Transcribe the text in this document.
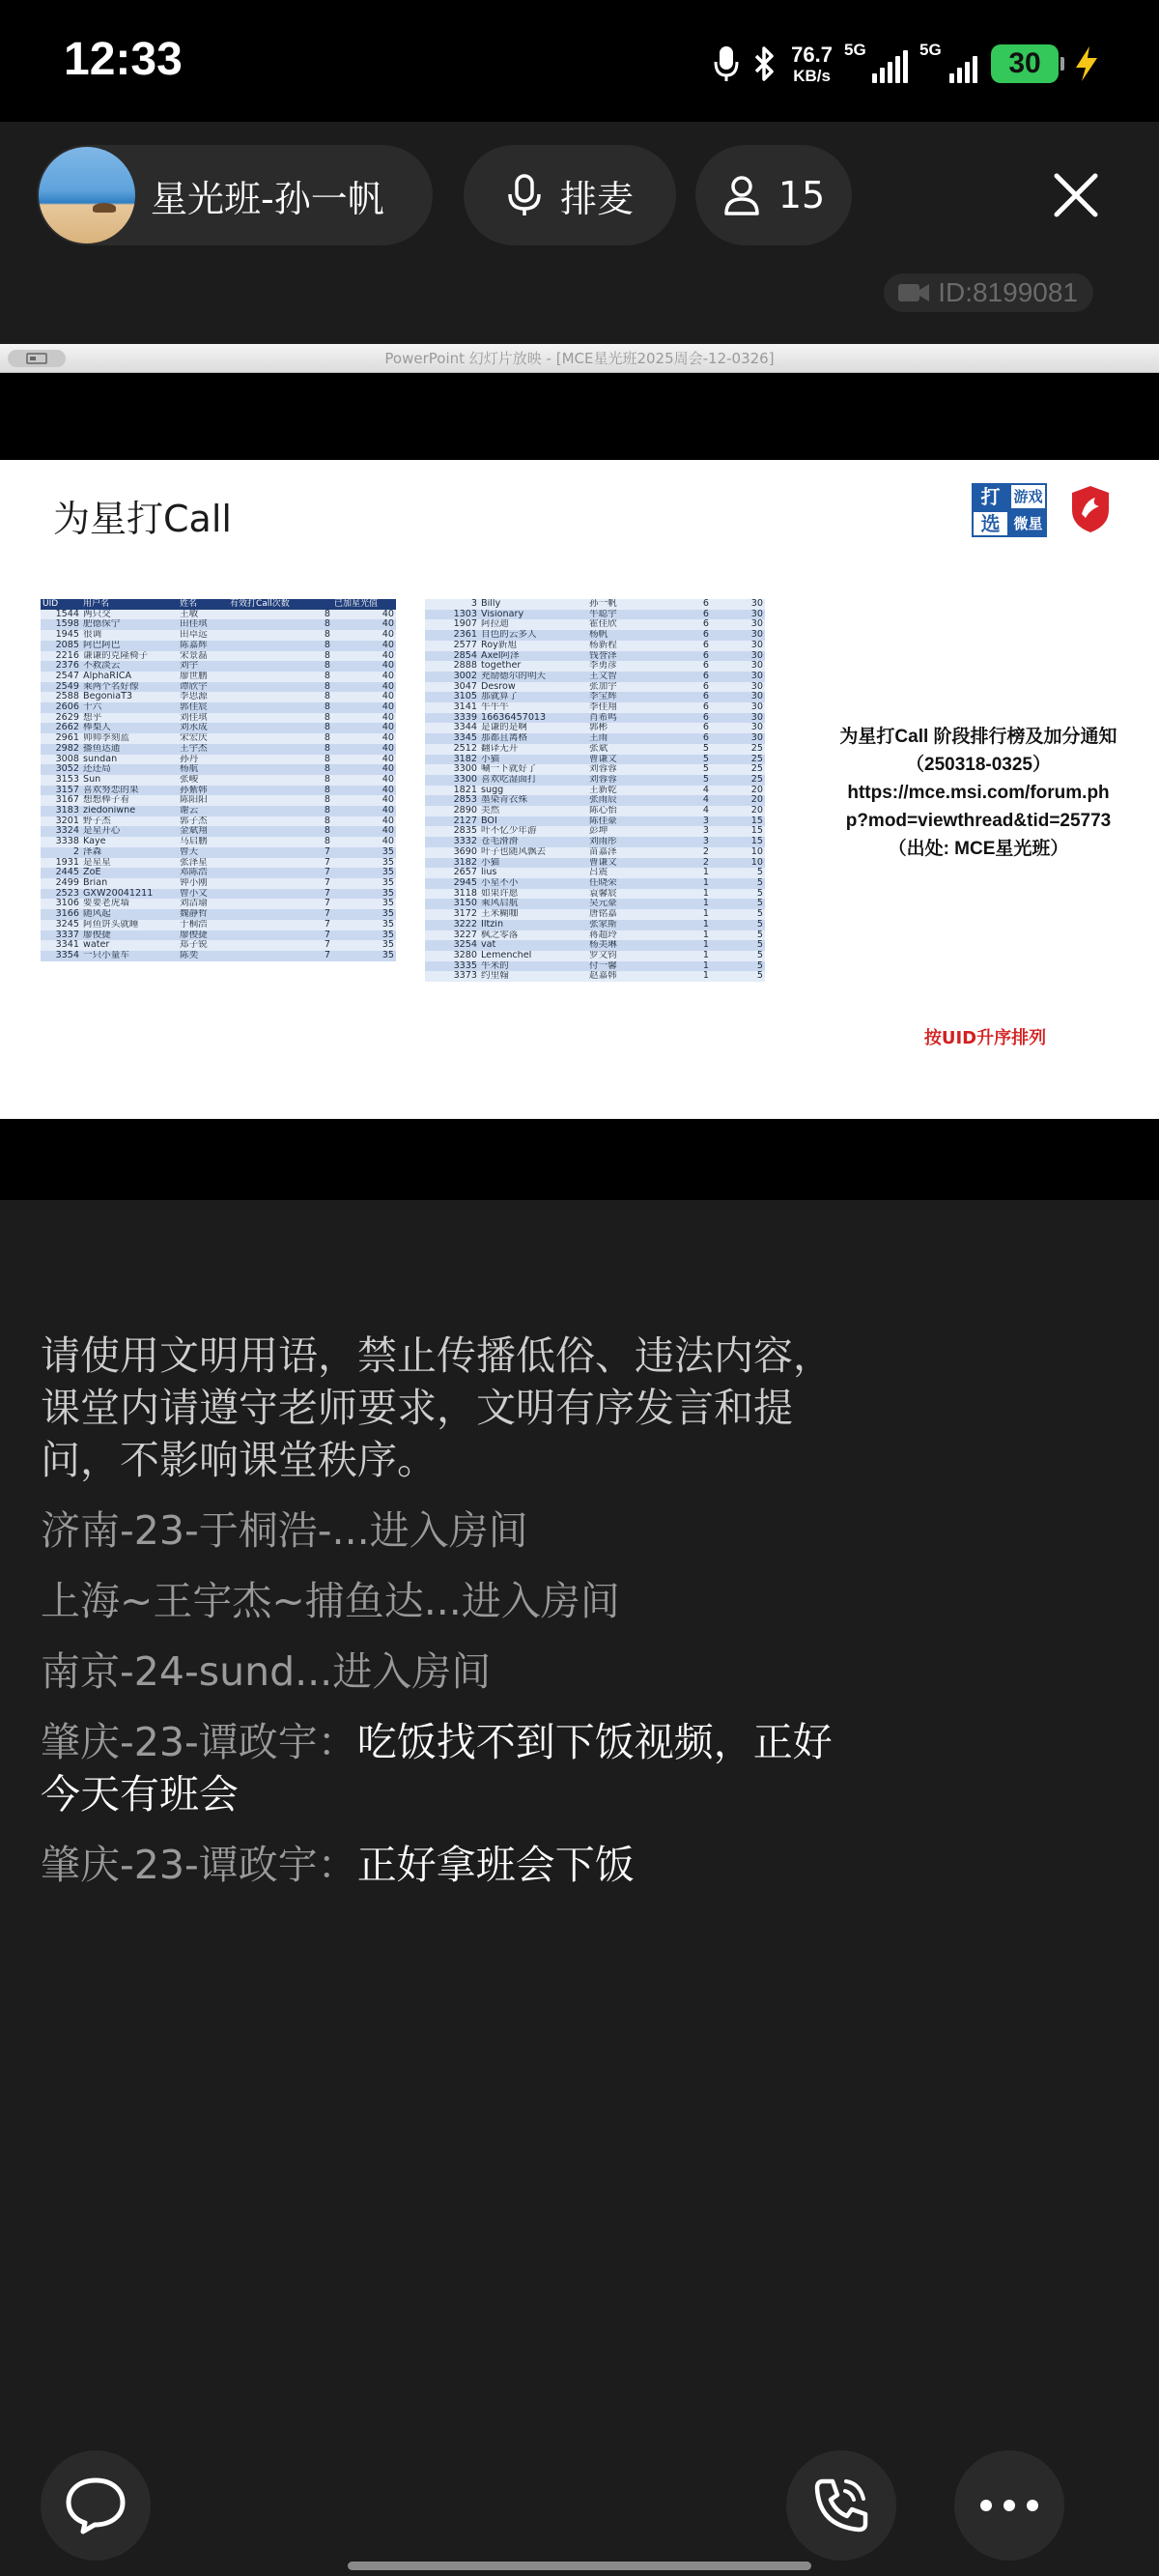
12:33	76.7
KB/s
5G	5G	30
星光班-孙一帆	排麦	15
ID:8199081
PowerPoint 幻灯片放映 - [MCE星光班2025周会-12-0326]
为星打Call
打 游戏
选 微星
UID	用户名	姓名	有效打Call次数	已加星光值
1544	两只交	王敏	8	40
1598	肥德保宁	田佳琪	8	40
1945	很调	田卓远	8	40
2085	阿巴阿巴	陈嘉辉	8	40
2216	谦谦的克隆椅子	宋景磊	8	40
2376	不救淡云	刘宇	8	40
2547	AlphaRICA	廖世鹏	8	40
2549	乘两个名好像	谭欣宇	8	40
2588	BegoniaT3	李思源	8	40
2606	十六	郭佳宸	8	40
2629	想乎	刘佳琪	8	40
2662	棒梨人	刘永成	8	40
2961	帅帅季刻蓝	宋宏庆	8	40
2982	播鱼达通	王宇杰	8	40
3008	sundan	孙丹	8	40
3052	还还局	杨航	8	40
3153	Sun	张峻	8	40
3157	喜欢努恋的果	孙紫韩	8	40
3167	想想棒子看	陈阳阳	8	40
3183	ziedoniwne	谢云	8	40
3201	野子杰	郭子杰	8	40
3324	是星开心	金斌翔	8	40
3338	Kaye	马启鹏	8	40
2	泽森	曾天	7	35
1931	是星星	张泽星	7	35
2445	ZoE	邓陈浩	7	35
2499	Brian	钟小刚	7	35
2523	GXW20041211	曾小文	7	35
3106	要要老虎墙	刘洁瑜	7	35
3166	随风起	魏静哲	7	35
3245	阿鱼饼头就睡	于桐浩	7	35
3337	廖俊捷	廖俊捷	7	35
3341	water	郑子锐	7	35
3354	一只小量车	陈奕	7	35
3	Billy	孙一帆	6	30
1303	Visionary	牛聪宇	6	30
1907	阿拉迪	霍佳欣	6	30
2361	自色的云多人	杨帆	6	30
2577	Roy新旭	杨新程	6	30
2854	Axel阿泽	钱誉泽	6	30
2888	together	李勇彦	6	30
3002	充励德尔的明天	王文智	6	30
3047	Desrow	张加宇	6	30
3105	那就算了	李宝辉	6	30
3141	牛牛牛	李佳翔	6	30
3339	16636457013	肖希鸣	6	30
3344	是谦的是啊	郭彬	6	30
3345	那都且离格	王雨	6	30
2512	翻译无开	张斌	5	25
3182	小猫	曹谦文	5	25
3300	唰一下就好了	刘蓉蓉	5	25
3300	喜欢吃湿面打	刘蓉蓉	5	25
1821	sugg	王新乾	4	20
2853	墨染青衣殊	张雨辰	4	20
2890	美然	陈心怡	4	20
2127	BOI	陈佳豪	3	15
2835	叶不忆少年游	彭坤	3	15
3332	苍毛滑滑	刘雨彤	3	15
3690	叶子也随风飘去	苗嘉泽	2	10
3182	小猫	曹谦文	2	10
2657	lius	吕震	1	5
2945	小星不小	任晓荣	1	5
3118	如果许愿	袁馨宸	1	5
3150	乘风启航	吴元豪	1	5
3172	王米糊咖	唐铭嘉	1	5
3222	Iltzin	张家斯	1	5
3227	枫之零落	蒋超玲	1	5
3254	vat	杨美琳	1	5
3280	Lemenchel	罗文钧	1	5
3335	牛米的	付一馨	1	5
3373	约里翰	赵嘉韩	1	5
为星打Call 阶段排行榜及加分通知
（250318-0325）
https://mce.msi.com/forum.ph
p?mod=viewthread&tid=25773
（出处: MCE星光班）
按UID升序排列
请使用文明用语，禁止传播低俗、违法内容，课堂内请遵守老师要求，文明有序发言和提问，不影响课堂秩序。
济南-23-于桐浩-...进入房间
上海~王宇杰~捕鱼达...进入房间
南京-24-sund...进入房间
肇庆-23-谭政宇：吃饭找不到下饭视频，正好今天有班会
肇庆-23-谭政宇：正好拿班会下饭
